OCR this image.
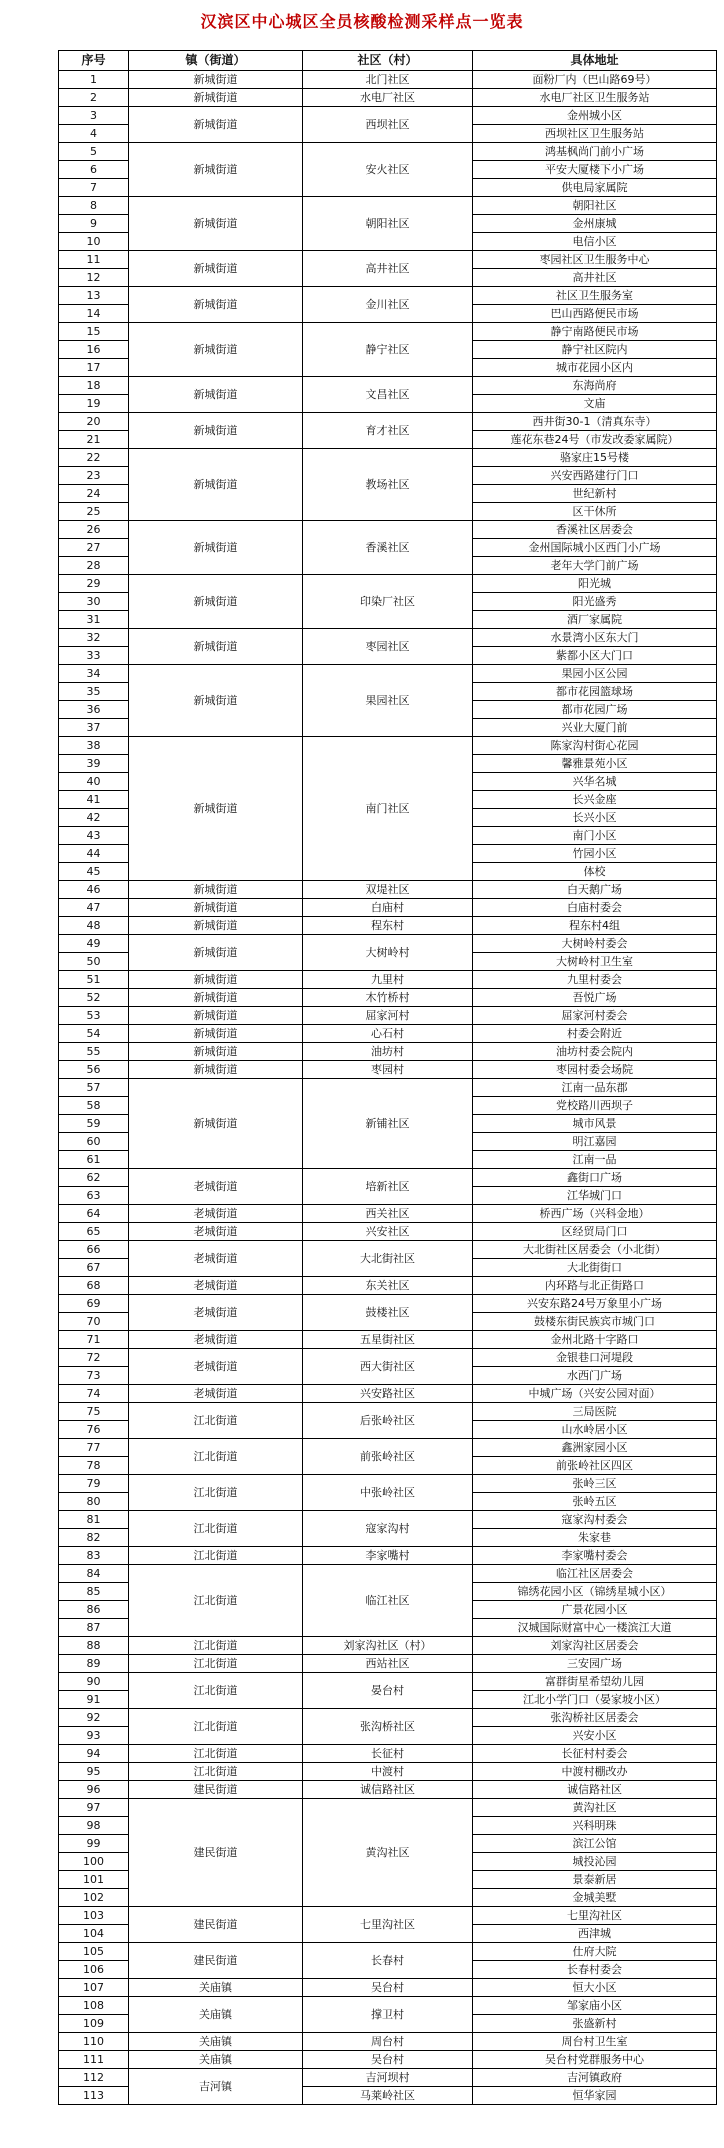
汉滨区中心城区全员核酸检测采样点一览表
序号	镇（街道）	社区（村）	具体地址
1	新城街道	北门社区	面粉厂内（巴山路69号）
2	新城街道	水电厂社区	水电厂社区卫生服务站
3	新城街道	西坝社区	金州城小区
4			西坝社区卫生服务站
5	新城街道	安火社区	鸿基枫尚门前小广场
6			平安大厦楼下小广场
7			供电局家属院
8	新城街道	朝阳社区	朝阳社区
9			金州康城
10			电信小区
11	新城街道	高井社区	枣园社区卫生服务中心
12			高井社区
13	新城街道	金川社区	社区卫生服务室
14			巴山西路便民市场
15	新城街道	静宁社区	静宁南路便民市场
16			静宁社区院内
17			城市花园小区内
18	新城街道	文昌社区	东海尚府
19			文庙
20	新城街道	育才社区	西井街30-1（清真东寺）
21			莲花东巷24号（市发改委家属院）
22	新城街道	教场社区	骆家庄15号楼
23			兴安西路建行门口
24			世纪新村
25			区干休所
26	新城街道	香溪社区	香溪社区居委会
27			金州国际城小区西门小广场
28			老年大学门前广场
29	新城街道	印染厂社区	阳光城
30			阳光盛秀
31			酒厂家属院
32	新城街道	枣园社区	水景湾小区东大门
33			紫都小区大门口
34	新城街道	果园社区	果园小区公园
35			都市花园篮球场
36			都市花园广场
37			兴业大厦门前
38	新城街道	南门社区	陈家沟村街心花园
39			馨雅景苑小区
40			兴华名城
41			长兴金座
42			长兴小区
43			南门小区
44			竹园小区
45			体校
46	新城街道	双堤社区	白天鹅广场
47	新城街道	白庙村	白庙村委会
48	新城街道	程东村	程东村4组
49	新城街道	大树岭村	大树岭村委会
50			大树岭村卫生室
51	新城街道	九里村	九里村委会
52	新城街道	木竹桥村	吾悦广场
53	新城街道	屈家河村	屈家河村委会
54	新城街道	心石村	村委会附近
55	新城街道	油坊村	油坊村委会院内
56	新城街道	枣园村	枣园村委会场院
57	新城街道	新铺社区	江南一品东郡
58			党校路川西坝子
59			城市风景
60			明江嘉园
61			江南一品
62	老城街道	培新社区	鑫街口广场
63			江华城门口
64	老城街道	西关社区	桥西广场（兴科金地）
65	老城街道	兴安社区	区经贸局门口
66	老城街道	大北街社区	大北街社区居委会（小北街）
67			大北街街口
68	老城街道	东关社区	内环路与北正街路口
69	老城街道	鼓楼社区	兴安东路24号万象里小广场
70			鼓楼东街民族宾市城门口
71	老城街道	五星街社区	金州北路十字路口
72	老城街道	西大街社区	金银巷口河堤段
73			水西门广场
74	老城街道	兴安路社区	中城广场（兴安公园对面）
75	江北街道	后张岭社区	三局医院
76			山水岭居小区
77	江北街道	前张岭社区	鑫洲家园小区
78			前张岭社区四区
79	江北街道	中张岭社区	张岭三区
80			张岭五区
81	江北街道	寇家沟村	寇家沟村委会
82			朱家巷
83	江北街道	李家嘴村	李家嘴村委会
84	江北街道	临江社区	临江社区居委会
85			锦绣花园小区（锦绣星城小区）
86			广景花园小区
87			汉城国际财富中心一楼滨江大道
88	江北街道	刘家沟社区（村）	刘家沟社区居委会
89	江北街道	西站社区	三安园广场
90	江北街道	晏台村	富群街星希望幼儿园
91			江北小学门口（晏家坡小区）
92	江北街道	张沟桥社区	张沟桥社区居委会
93			兴安小区
94	江北街道	长征村	长征村村委会
95	江北街道	中渡村	中渡村棚改办
96	建民街道	诚信路社区	诚信路社区
97	建民街道	黄沟社区	黄沟社区
98			兴科明珠
99			滨江公馆
100			城投沁园
101			景泰新居
102			金城美墅
103	建民街道	七里沟社区	七里沟社区
104			西津城
105	建民街道	长春村	仕府大院
106			长春村委会
107	关庙镇	吴台村	恒大小区
108	关庙镇	撑卫村	邹家庙小区
109			张盛新村
110	关庙镇	周台村	周台村卫生室
111	关庙镇	吴台村	吴台村党群服务中心
112	吉河镇	吉河坝村	吉河镇政府
113		马莱岭社区	恒华家园
